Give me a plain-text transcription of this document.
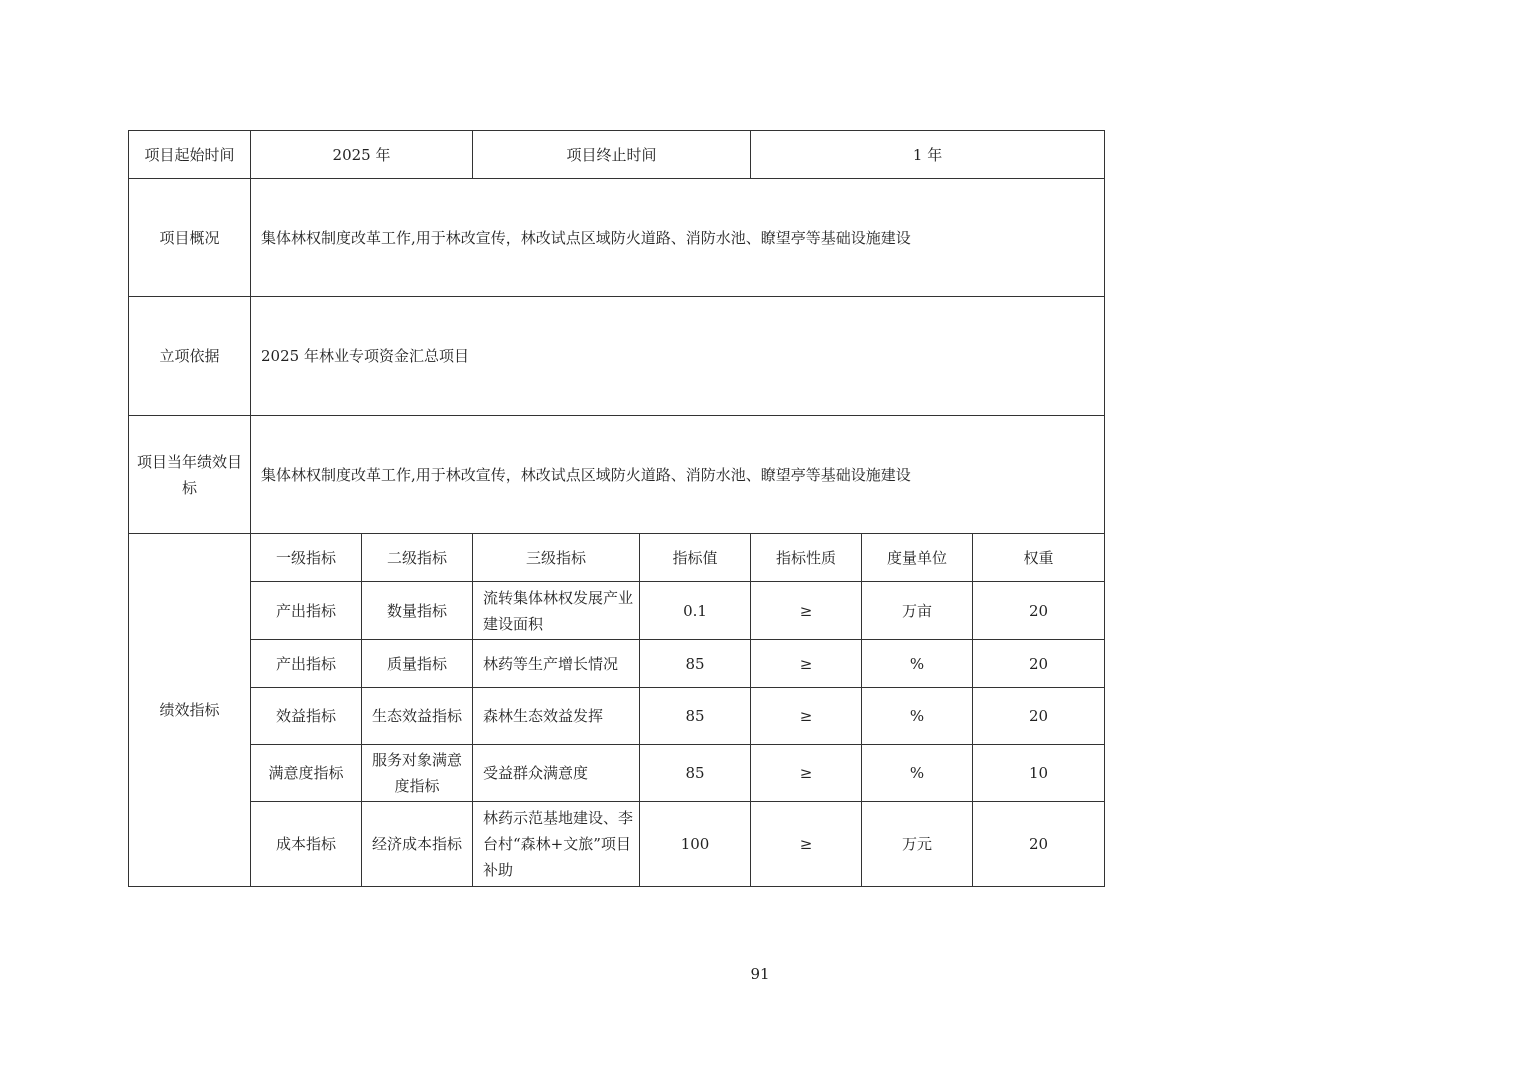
项目起始时间	2025 年		项目终止时间		1 年		
项目概况	集体林权制度改革工作,用于林改宣传，林改试点区域防火道路、消防水池、瞭望亭等基础设施建设						
立项依据	2025 年林业专项资金汇总项目						
项目当年绩效目标	集体林权制度改革工作,用于林改宣传，林改试点区域防火道路、消防水池、瞭望亭等基础设施建设						
绩效指标	一级指标	二级指标	三级指标	指标值	指标性质	度量单位	权重
	产出指标	数量指标	流转集体林权发展产业建设面积	0.1	≥	万亩	20
	产出指标	质量指标	林药等生产增长情况	85	≥	%	20
	效益指标	生态效益指标	森林生态效益发挥	85	≥	%	20
	满意度指标	服务对象满意度指标	受益群众满意度	85	≥	%	10
	成本指标	经济成本指标	林药示范基地建设、李台村“森林+文旅”项目补助	100	≥	万元	20
91
